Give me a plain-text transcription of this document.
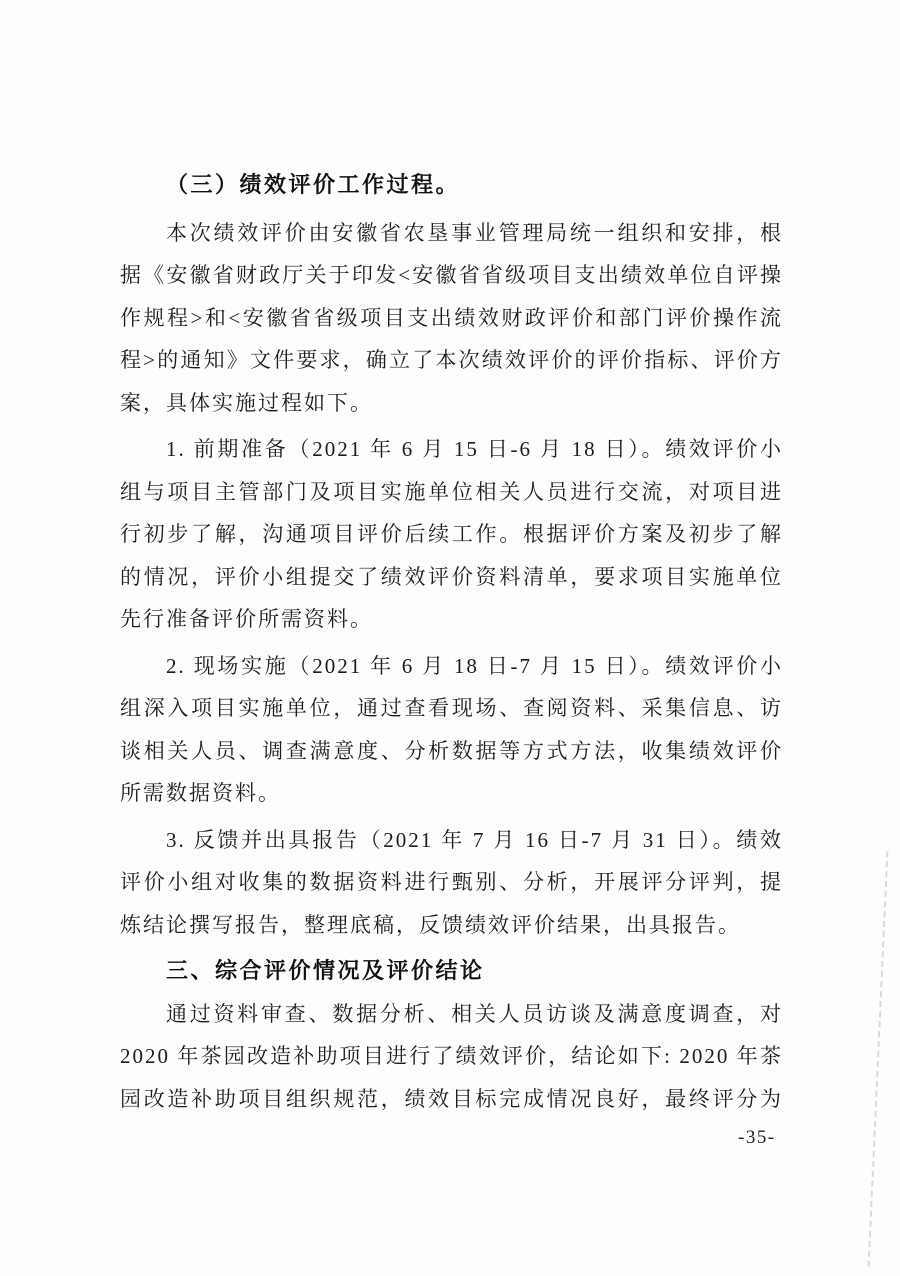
（三）绩效评价工作过程。
本次绩效评价由安徽省农垦事业管理局统一组织和安排，根
据《安徽省财政厅关于印发<安徽省省级项目支出绩效单位自评操
作规程>和<安徽省省级项目支出绩效财政评价和部门评价操作流
程>的通知》文件要求，确立了本次绩效评价的评价指标、评价方
案，具体实施过程如下。
1. 前期准备（2021 年 6 月 15 日-6 月 18 日）。绩效评价小
组与项目主管部门及项目实施单位相关人员进行交流，对项目进
行初步了解，沟通项目评价后续工作。根据评价方案及初步了解
的情况，评价小组提交了绩效评价资料清单，要求项目实施单位
先行准备评价所需资料。
2. 现场实施（2021 年 6 月 18 日-7 月 15 日）。绩效评价小
组深入项目实施单位，通过查看现场、查阅资料、采集信息、访
谈相关人员、调查满意度、分析数据等方式方法，收集绩效评价
所需数据资料。
3. 反馈并出具报告（2021 年 7 月 16 日-7 月 31 日）。绩效
评价小组对收集的数据资料进行甄别、分析，开展评分评判，提
炼结论撰写报告，整理底稿，反馈绩效评价结果，出具报告。
三、综合评价情况及评价结论
通过资料审查、数据分析、相关人员访谈及满意度调查，对
2020 年茶园改造补助项目进行了绩效评价，结论如下: 2020 年茶
园改造补助项目组织规范，绩效目标完成情况良好，最终评分为
-35-
